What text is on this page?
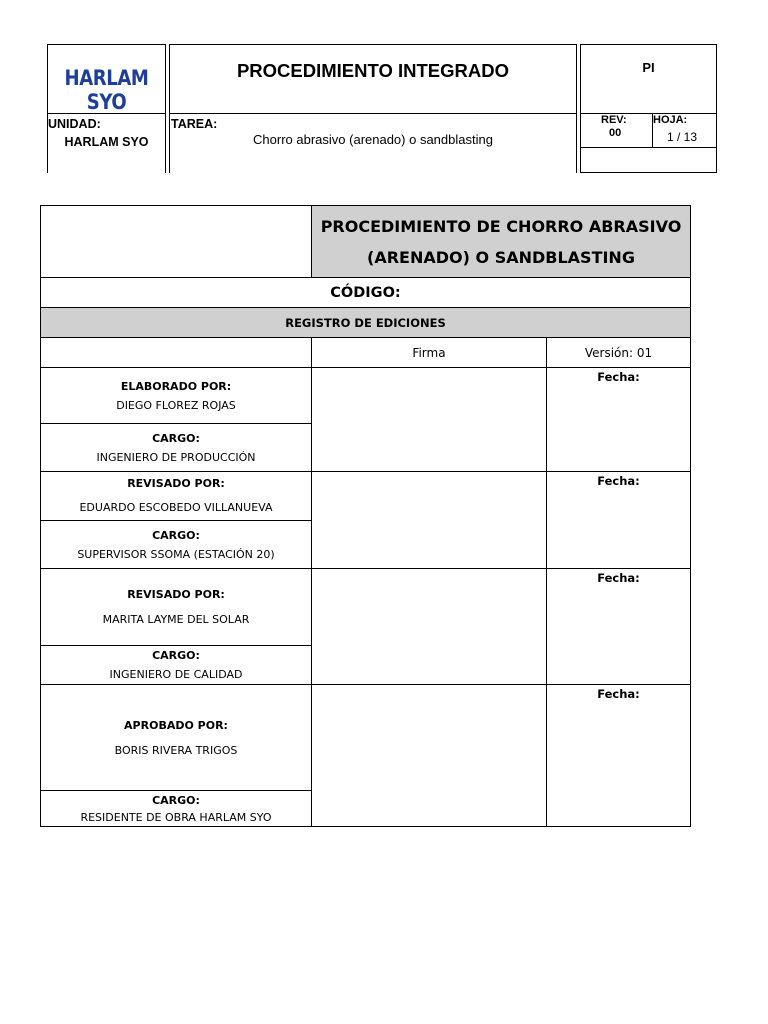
HARLAM SYO
UNIDAD:
HARLAM SYO
PROCEDIMIENTO INTEGRADO
TAREA:
Chorro abrasivo (arenado) o sandblasting
PI
REV:
00
HOJA:
1 / 13

	PROCEDIMIENTO DE CHORRO ABRASIVO
(ARENADO) O SANDBLASTING	

CÓDIGO:		
REGISTRO DE EDICIONES		
	Firma	Versión: 01

ELABORADO POR:
DIEGO FLOREZ ROJAS		Fecha:

CARGO:
INGENIERO DE PRODUCCIÓN		

REVISADO POR:
EDUARDO ESCOBEDO VILLANUEVA		Fecha:

CARGO:
SUPERVISOR SSOMA (ESTACIÓN 20)		

REVISADO POR:
MARITA LAYME DEL SOLAR		Fecha:

CARGO:
INGENIERO DE CALIDAD		

APROBADO POR:
BORIS RIVERA TRIGOS		Fecha:

CARGO:
RESIDENTE DE OBRA HARLAM SYO		
